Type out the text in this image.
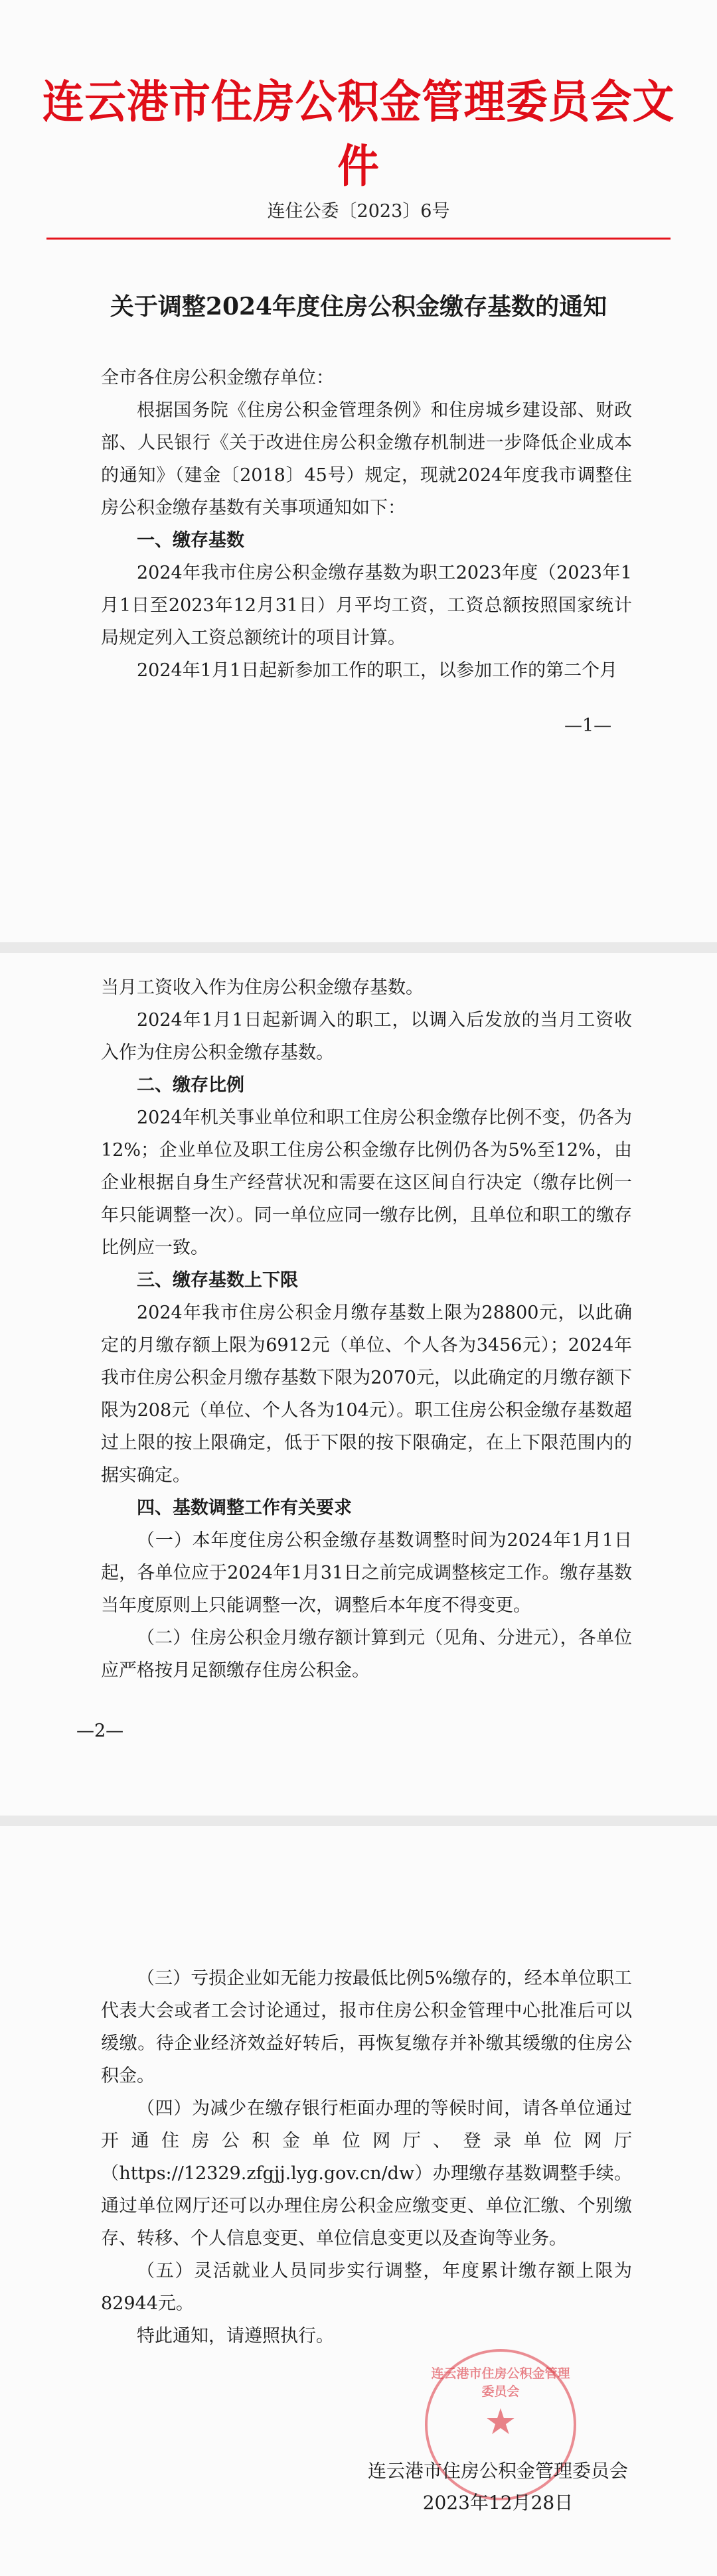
连云港市住房公积金管理委员会文件
连住公委〔2023〕6号
关于调整2024年度住房公积金缴存基数的通知

全市各住房公积金缴存单位：

根据国务院《住房公积金管理条例》和住房城乡建设部、财政部、人民银行《关于改进住房公积金缴存机制进一步降低企业成本的通知》（建金〔2018〕45号）规定，现就2024年度我市调整住房公积金缴存基数有关事项通知如下：

一、缴存基数

2024年我市住房公积金缴存基数为职工2023年度（2023年1月1日至2023年12月31日）月平均工资，工资总额按照国家统计局规定列入工资总额统计的项目计算。

2024年1月1日起新参加工作的职工，以参加工作的第二个月

—1—

当月工资收入作为住房公积金缴存基数。

2024年1月1日起新调入的职工，以调入后发放的当月工资收入作为住房公积金缴存基数。

二、缴存比例

2024年机关事业单位和职工住房公积金缴存比例不变，仍各为12%；企业单位及职工住房公积金缴存比例仍各为5%至12%，由企业根据自身生产经营状况和需要在这区间自行决定（缴存比例一年只能调整一次）。同一单位应同一缴存比例，且单位和职工的缴存比例应一致。

三、缴存基数上下限

2024年我市住房公积金月缴存基数上限为28800元，以此确定的月缴存额上限为6912元（单位、个人各为3456元）；2024年我市住房公积金月缴存基数下限为2070元，以此确定的月缴存额下限为208元（单位、个人各为104元）。职工住房公积金缴存基数超过上限的按上限确定，低于下限的按下限确定，在上下限范围内的据实确定。

四、基数调整工作有关要求

（一）本年度住房公积金缴存基数调整时间为2024年1月1日起，各单位应于2024年1月31日之前完成调整核定工作。缴存基数当年度原则上只能调整一次，调整后本年度不得变更。

（二）住房公积金月缴存额计算到元（见角、分进元），各单位应严格按月足额缴存住房公积金。

—2—

（三）亏损企业如无能力按最低比例5%缴存的，经本单位职工代表大会或者工会讨论通过，报市住房公积金管理中心批准后可以缓缴。待企业经济效益好转后，再恢复缴存并补缴其缓缴的住房公积金。

（四）为减少在缴存银行柜面办理的等候时间，请各单位通过开通住房公积金单位网厅、登录单位网厅（https://12329.zfgjj.lyg.gov.cn/dw）办理缴存基数调整手续。通过单位网厅还可以办理住房公积金应缴变更、单位汇缴、个别缴存、转移、个人信息变更、单位信息变更以及查询等业务。

（五）灵活就业人员同步实行调整，年度累计缴存额上限为82944元。

特此通知，请遵照执行。

连云港市住房公积金管理委员会
★
连云港市住房公积金管理委员会
2023年12月28日
